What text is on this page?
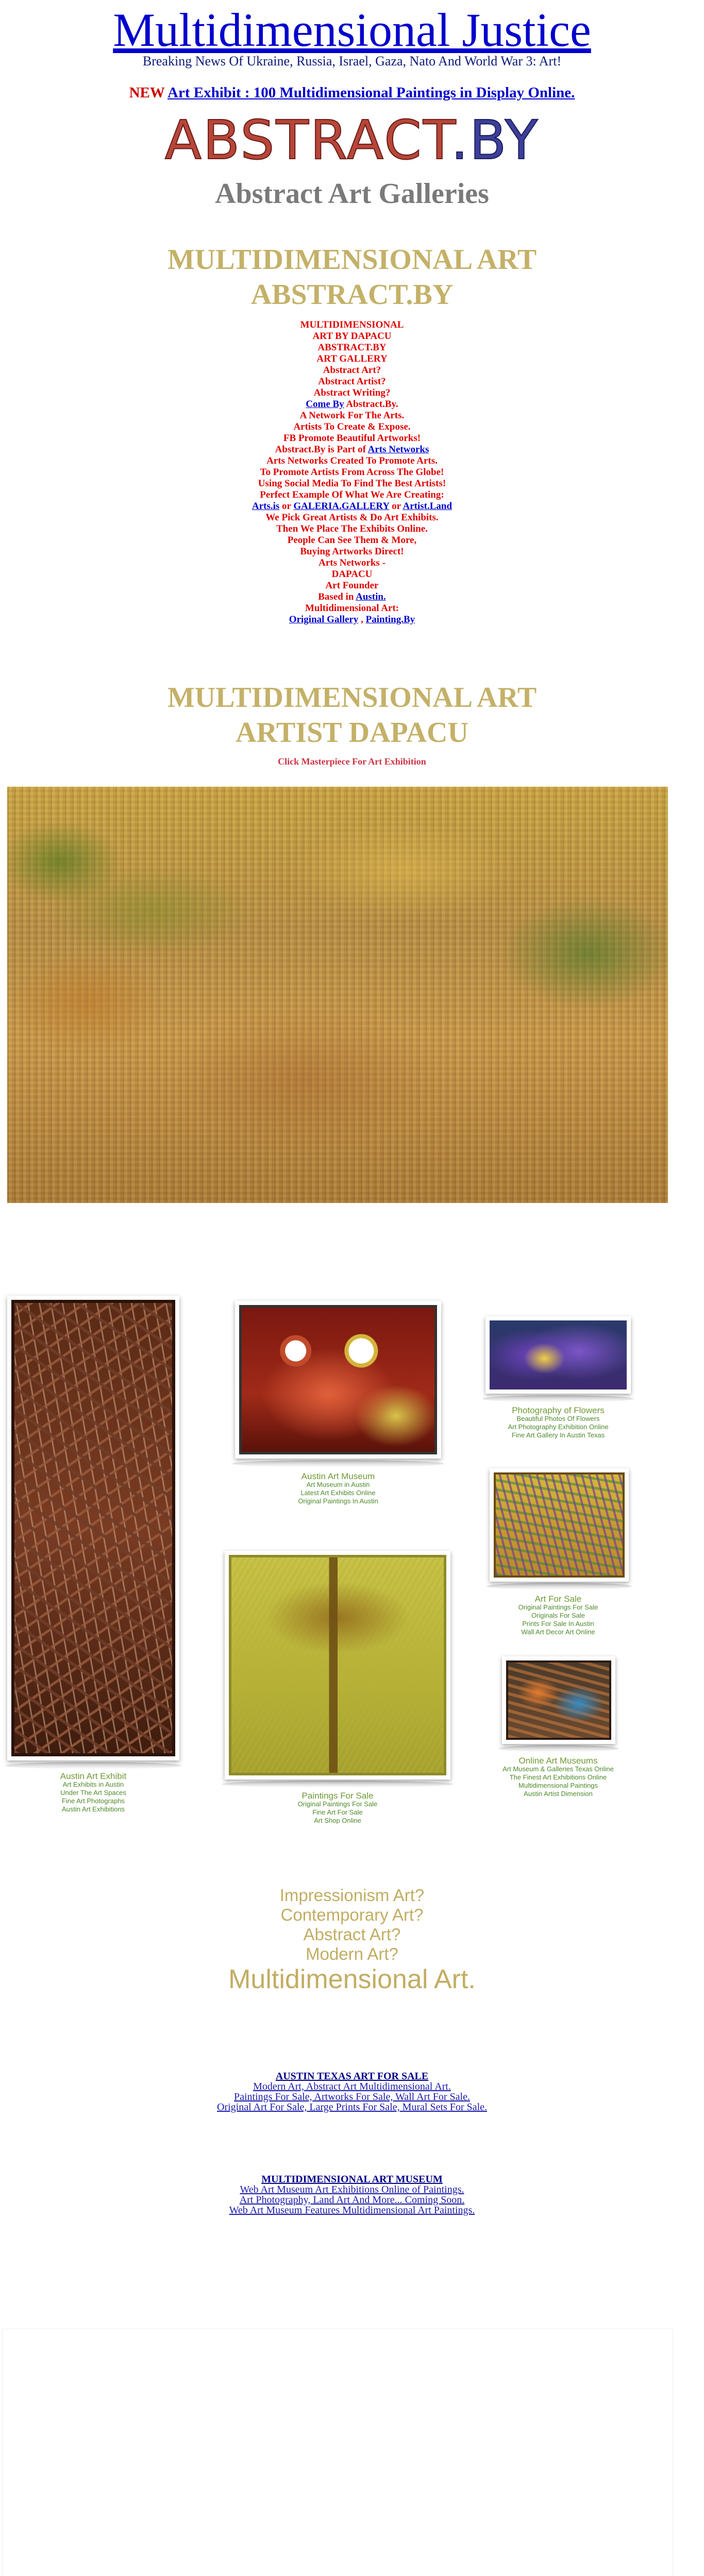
Multidimensional Justice
Breaking News Of Ukraine, Russia, Israel, Gaza, Nato And World War 3: Art!
NEW Art Exhibit : 100 Multidimensional Paintings in Display Online.
ABSTRACT.BY
Abstract Art Galleries
MULTIDIMENSIONAL ART
ABSTRACT.BY
MULTIDIMENSIONAL
ART BY DAPACU
ABSTRACT.BY
ART GALLERY
Abstract Art?
Abstract Artist?
Abstract Writing?
Come By Abstract.By.
A Network For The Arts.
Artists To Create & Expose.
FB Promote Beautiful Artworks!
Abstract.By is Part of Arts Networks
Arts Networks Created To Promote Arts.
To Promote Artists From Across The Globe!
Using Social Media To Find The Best Artists!
Perfect Example Of What We Are Creating:
Arts.is or GALERIA.GALLERY or Artist.Land
We Pick Great Artists & Do Art Exhibits.
Then We Place The Exhibits Online.
People Can See Them & More,
Buying Artworks Direct!
Arts Networks -
DAPACU
Art Founder
Based in Austin.
Multidimensional Art:
Original Gallery , Painting.By
MULTIDIMENSIONAL ART
ARTIST DAPACU
Click Masterpiece For Art Exhibition
Austin Art Exhibit
Art Exhibits in Austin
Under The Art Spaces
Fine Art Photographs
Austin Art Exhibitions
Austin Art Museum
Art Museum in Austin
Latest Art Exhibits Online
Original Paintings In Austin
Paintings For Sale
Original Paintings For Sale
Fine Art For Sale
Art Shop Online
Photography of Flowers
Beautiful Photos Of Flowers
Art Photography Exhibition Online
Fine Art Gallery In Austin Texas
Art For Sale
Original Paintings For Sale
Originals For Sale
Prints For Sale In Austin
Wall Art Decor Art Online
Online Art Museums
Art Museum & Galleries Texas Online
The Finest Art Exhibitions Online
Multidimensional Paintings
Austin Artist Dimension
Impressionism Art?
Contemporary Art?
Abstract Art?
Modern Art?
Multidimensional Art.
AUSTIN TEXAS ART FOR SALE
Modern Art, Abstract Art Multidimensional Art.
Paintings For Sale, Artworks For Sale, Wall Art For Sale.
Original Art For Sale, Large Prints For Sale, Mural Sets For Sale.
MULTIDIMENSIONAL ART MUSEUM
Web Art Museum Art Exhibitions Online of Paintings.
Art Photography, Land Art And More... Coming Soon.
Web Art Museum Features Multidimensional Art Paintings.
